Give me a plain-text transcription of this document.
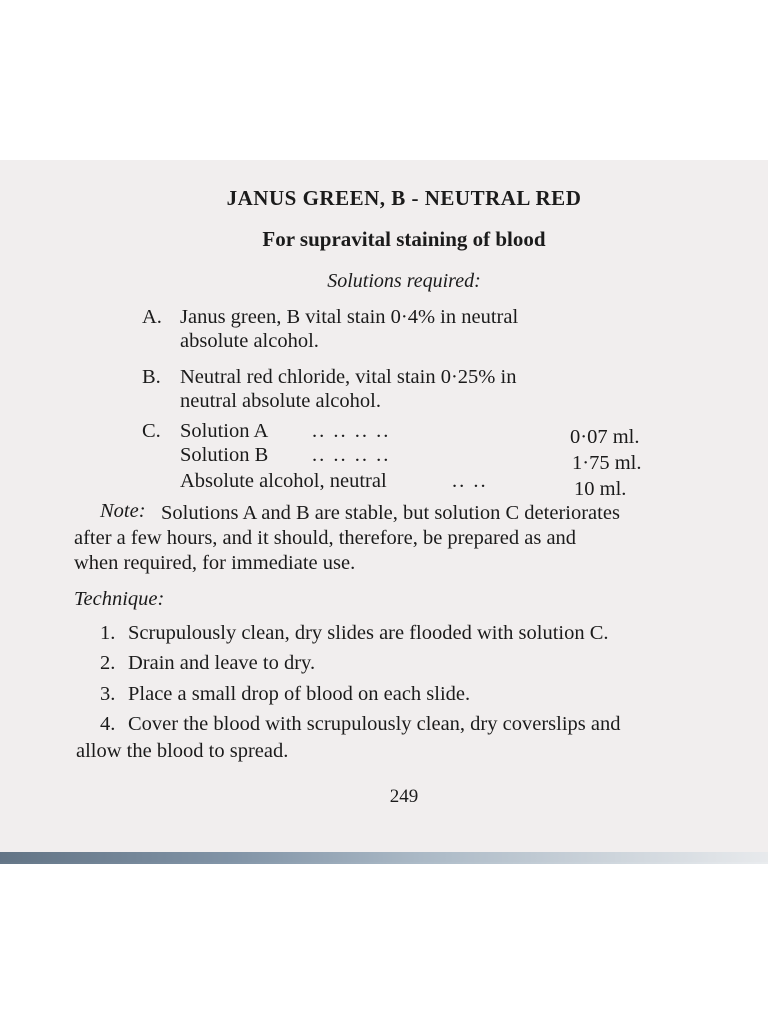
JANUS GREEN, B - NEUTRAL RED
For supravital staining of blood
Solutions required:
A. Janus green, B vital stain 0·4% in neutral
absolute alcohol.
B. Neutral red chloride, vital stain 0·25% in
neutral absolute alcohol.
C. Solution A .. .. .. ..	0·07 ml.
Solution B .. .. .. ..	1·75 ml.
Absolute alcohol, neutral	.. ..	10 ml.
Note: Solutions A and B are stable, but solution C deteriorates
after a few hours, and it should, therefore, be prepared as and
when required, for immediate use.
Technique:
1. Scrupulously clean, dry slides are flooded with solution C.
2. Drain and leave to dry.
3. Place a small drop of blood on each slide.
4. Cover the blood with scrupulously clean, dry coverslips and
allow the blood to spread.
249
